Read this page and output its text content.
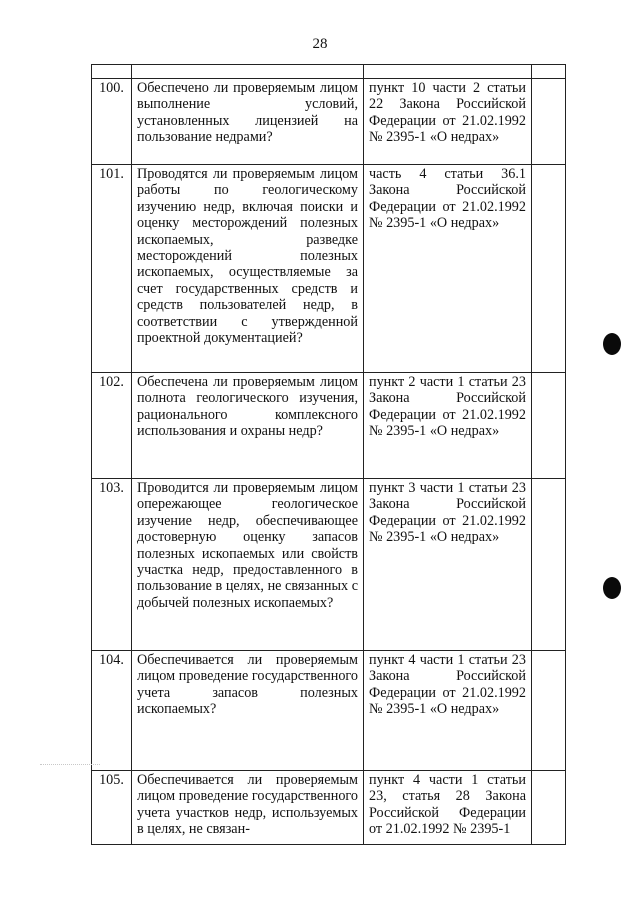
28

100.	Обеспечено ли проверяемым лицом выполнение условий, установленных лицензией на пользование недрами?	пункт 10 части 2 статьи 22 Закона Российской Федерации от 21.02.1992 № 2395-1 «О недрах»	
101.	Проводятся ли проверяемым лицом работы по геологическому изучению недр, включая поиски и оценку месторождений полезных ископаемых, разведке месторождений полезных ископаемых, осуществляемые за счет государственных средств и средств пользователей недр, в соответствии с утвержденной проектной документацией?	часть 4 статьи 36.1 Закона Российской Федерации от 21.02.1992 № 2395-1 «О недрах»	
102.	Обеспечена ли проверяемым лицом полнота геологического изучения, рационального комплексного использования и охраны недр?	пункт 2 части 1 статьи 23 Закона Российской Федерации от 21.02.1992 № 2395-1 «О недрах»	
103.	Проводится ли проверяемым лицом опережающее геологическое изучение недр, обеспечивающее достоверную оценку запасов полезных ископаемых или свойств участка недр, предоставленного в пользование в целях, не связанных с добычей полезных ископаемых?	пункт 3 части 1 статьи 23 Закона Российской Федерации от 21.02.1992 № 2395-1 «О недрах»	
104.	Обеспечивается ли проверяемым лицом проведение государственного учета запасов полезных ископаемых?	пункт 4 части 1 статьи 23 Закона Российской Федерации от 21.02.1992 № 2395-1 «О недрах»	
105.	Обеспечивается ли проверяемым лицом проведение государственного учета участков недр, используемых в целях, не связан-	пункт 4 части 1 статьи 23, статья 28 Закона Российской Федерации от 21.02.1992 № 2395-1	
